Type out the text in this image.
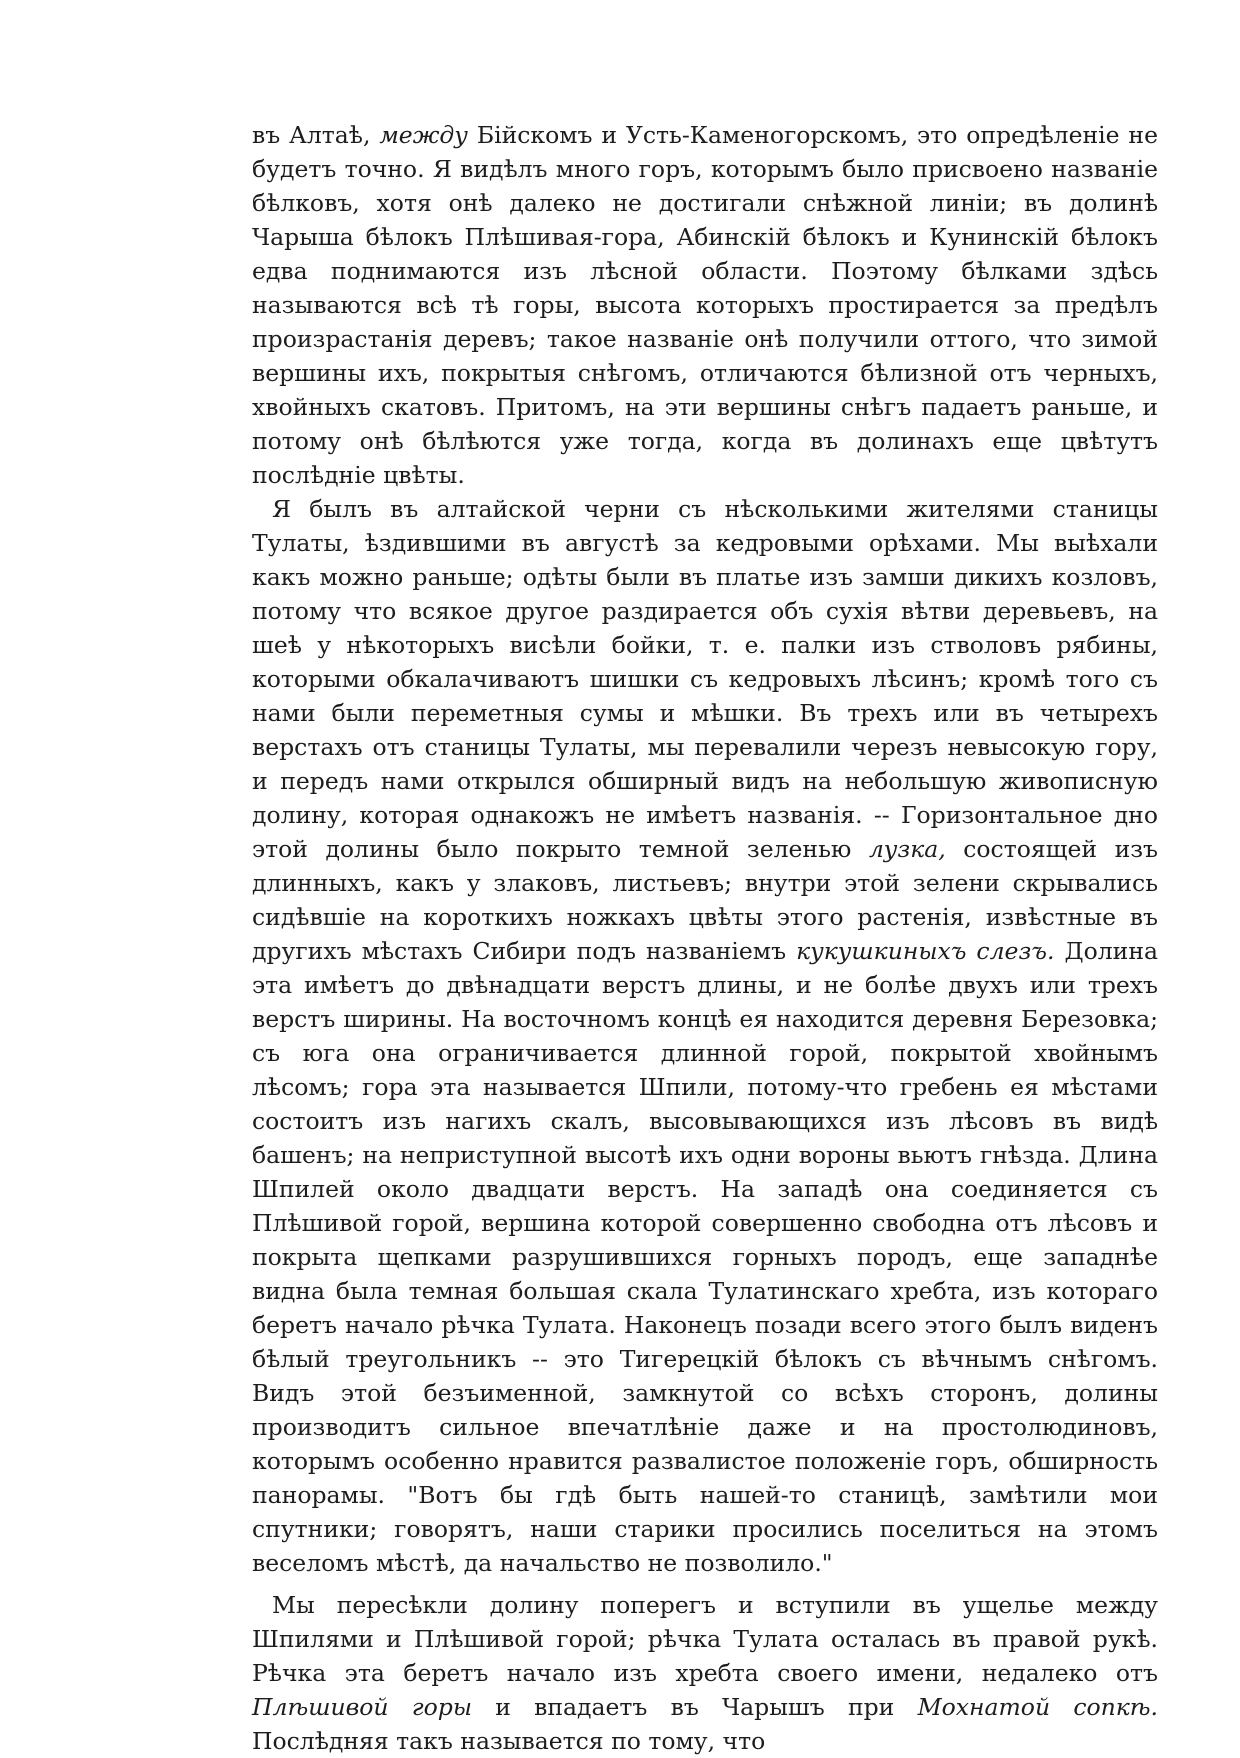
въ Алтаѣ, между Бійскомъ и Усть-Каменогорскомъ, это опредѣленіе не будетъ точно. Я видѣлъ много горъ, которымъ было присвоено названіе бѣлковъ, хотя онѣ далеко не достигали снѣжной линіи; въ долинѣ Чарыша бѣлокъ Плѣшивая-гора, Абинскій бѣлокъ и Кунинскій бѣлокъ едва поднимаются изъ лѣсной области. Поэтому бѣлками здѣсь называются всѣ тѣ горы, высота которыхъ простирается за предѣлъ произрастанія деревъ; такое названіе онѣ получили оттого, что зимой вершины ихъ, покрытыя снѣгомъ, отличаются бѣлизной отъ черныхъ, хвойныхъ скатовъ. Притомъ, на эти вершины снѣгъ падаетъ раньше, и потому онѣ бѣлѣются уже тогда, когда въ долинахъ еще цвѣтутъ послѣдніе цвѣты.

Я былъ въ алтайской черни съ нѣсколькими жителями станицы Тулаты, ѣздившими въ августѣ за кедровыми орѣхами. Мы выѣхали какъ можно раньше; одѣты были въ платье изъ замши дикихъ козловъ, потому что всякое другое раздирается объ сухія вѣтви деревьевъ, на шеѣ у нѣкоторыхъ висѣли бойки, т. е. палки изъ стволовъ рябины, которыми обкалачиваютъ шишки съ кедровыхъ лѣсинъ; кромѣ того съ нами были переметныя сумы и мѣшки. Въ трехъ или въ четырехъ верстахъ отъ станицы Тулаты, мы перевалили черезъ невысокую гору, и передъ нами открылся обширный видъ на небольшую живописную долину, которая однакожъ не имѣетъ названія. -- Горизонтальное дно этой долины было покрыто темной зеленью лузка, состоящей изъ длинныхъ, какъ у злаковъ, листьевъ; внутри этой зелени скрывались сидѣвшіе на короткихъ ножкахъ цвѣты этого растенія, извѣстные въ другихъ мѣстахъ Сибири подъ названіемъ кукушкиныхъ слезъ. Долина эта имѣетъ до двѣнадцати верстъ длины, и не болѣе двухъ или трехъ верстъ ширины. На восточномъ концѣ ея находится деревня Березовка; съ юга она ограничивается длинной горой, покрытой хвойнымъ лѣсомъ; гора эта называется Шпили, потому-что гребень ея мѣстами состоитъ изъ нагихъ скалъ, высовывающихся изъ лѣсовъ въ видѣ башенъ; на неприступной высотѣ ихъ одни вороны вьютъ гнѣзда. Длина Шпилей около двадцати верстъ. На западѣ она соединяется съ Плѣшивой горой, вершина которой совершенно свободна отъ лѣсовъ и покрыта щепками разрушившихся горныхъ породъ, еще западнѣе видна была темная большая скала Тулатинскаго хребта, изъ котораго беретъ начало рѣчка Тулата. Наконецъ позади всего этого былъ виденъ бѣлый треугольникъ -- это Тигерецкій бѣлокъ съ вѣчнымъ снѣгомъ. Видъ этой безъименной, замкнутой со всѣхъ сторонъ, долины производитъ сильное впечатлѣніе даже и на простолюдиновъ, которымъ особенно нравится развалистое положеніе горъ, обширность панорамы. "Вотъ бы гдѣ быть нашей-то станицѣ, замѣтили мои спутники; говорятъ, наши старики просились поселиться на этомъ веселомъ мѣстѣ, да начальство не позволило."

Мы пересѣкли долину поперегъ и вступили въ ущелье между Шпилями и Плѣшивой горой; рѣчка Тулата осталась въ правой рукѣ. Рѣчка эта беретъ начало изъ хребта своего имени, недалеко отъ Плѣшивой горы и впадаетъ въ Чарышъ при Мохнатой сопкѣ. Послѣдняя такъ называется по тому, что
